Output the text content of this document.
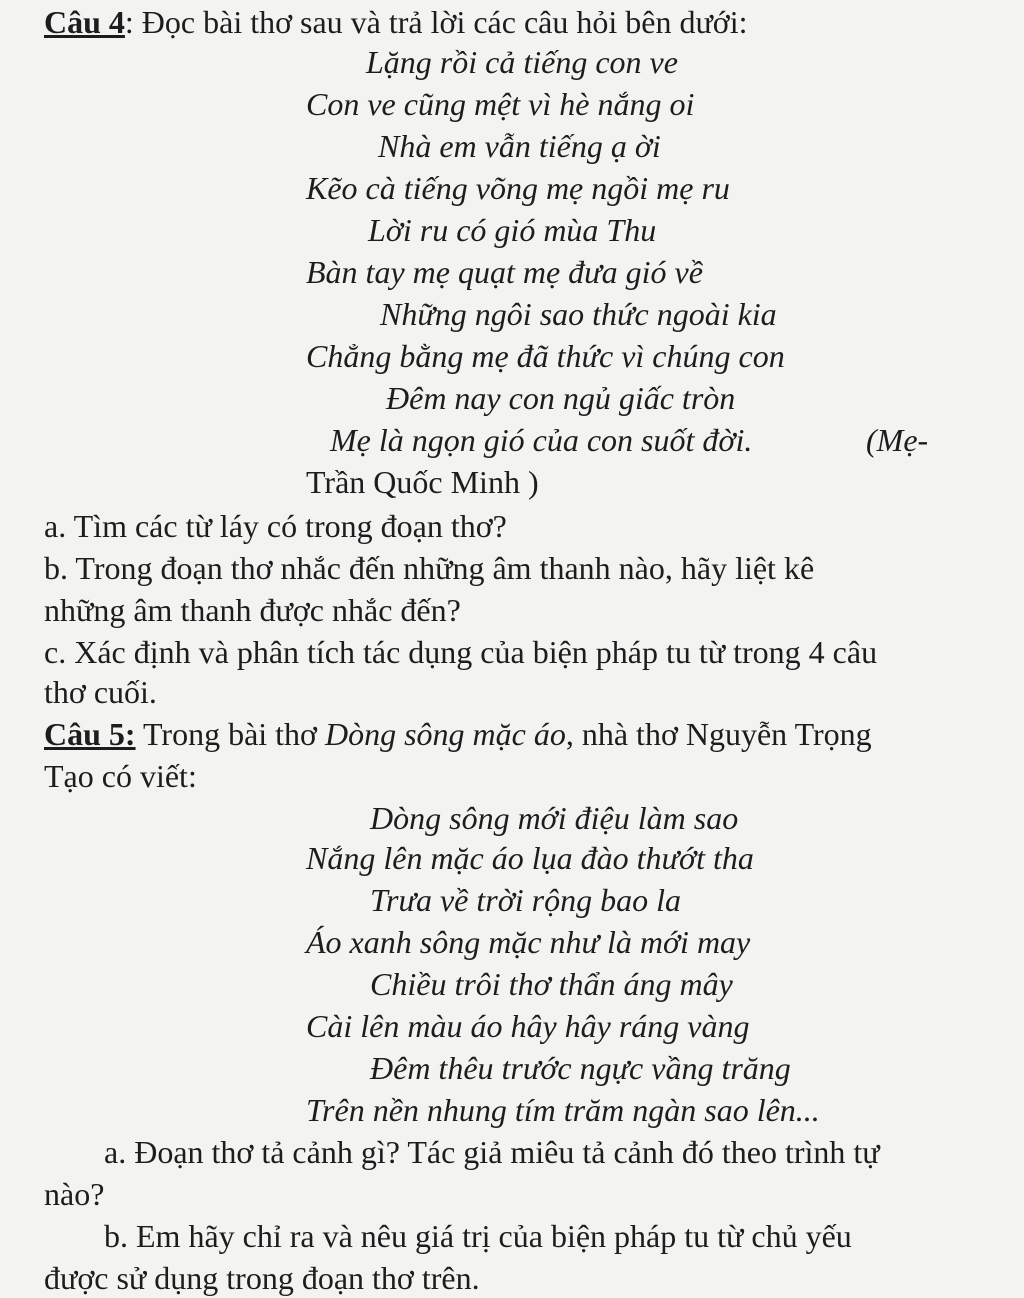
Câu 4: Đọc bài thơ sau và trả lời các câu hỏi bên dưới:
Lặng rồi cả tiếng con ve
Con ve cũng mệt vì hè nắng oi
Nhà em vẫn tiếng ạ ời
Kẽo cà tiếng võng mẹ ngồi mẹ ru
Lời ru có gió mùa Thu
Bàn tay mẹ quạt mẹ đưa gió về
Những ngôi sao thức ngoài kia
Chẳng bằng mẹ đã thức vì chúng con
Đêm nay con ngủ giấc tròn
Mẹ là ngọn gió của con suốt đời.	(Mẹ-
Trần Quốc Minh )
a. Tìm các từ láy có trong đoạn thơ?
b. Trong đoạn thơ nhắc đến những âm thanh nào, hãy liệt kê
những âm thanh được nhắc đến?
c. Xác định và phân tích tác dụng của biện pháp tu từ trong 4 câu
thơ cuối.
Câu 5: Trong bài thơ Dòng sông mặc áo, nhà thơ Nguyễn Trọng
Tạo có viết:
Dòng sông mới điệu làm sao
Nắng lên mặc áo lụa đào thướt tha
Trưa về trời rộng bao la
Áo xanh sông mặc như là mới may
Chiều trôi thơ thẩn áng mây
Cài lên màu áo hây hây ráng vàng
Đêm thêu trước ngực vầng trăng
Trên nền nhung tím trăm ngàn sao lên...
a. Đoạn thơ tả cảnh gì? Tác giả miêu tả cảnh đó theo trình tự
nào?
b. Em hãy chỉ ra và nêu giá trị của biện pháp tu từ chủ yếu
được sử dụng trong đoạn thơ trên.
